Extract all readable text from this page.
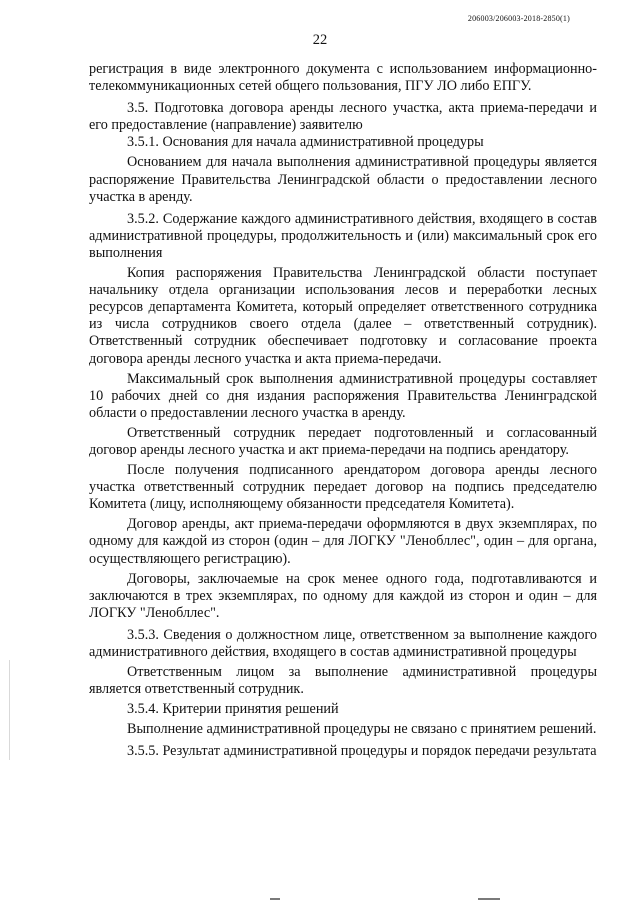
206003/206003-2018-2850(1)
22

регистрация в виде электронного документа с использованием информационно-телекоммуникационных сетей общего пользования, ПГУ ЛО либо ЕПГУ.

3.5. Подготовка договора аренды лесного участка, акта приема-передачи и его предоставление (направление) заявителю

3.5.1. Основания для начала административной процедуры

Основанием для начала выполнения административной процедуры является распоряжение Правительства Ленинградской области о предоставлении лесного участка в аренду.

3.5.2. Содержание каждого административного действия, входящего в состав административной процедуры, продолжительность и (или) максимальный срок его выполнения

Копия распоряжения Правительства Ленинградской области поступает начальнику отдела организации использования лесов и переработки лесных ресурсов департамента Комитета, который определяет ответственного сотрудника из числа сотрудников своего отдела (далее – ответственный сотрудник). Ответственный сотрудник обеспечивает подготовку и согласование проекта договора аренды лесного участка и акта приема-передачи.

Максимальный срок выполнения административной процедуры составляет 10 рабочих дней со дня издания распоряжения Правительства Ленинградской области о предоставлении лесного участка в аренду.

Ответственный сотрудник передает подготовленный и согласованный договор аренды лесного участка и акт приема-передачи на подпись арендатору.

После получения подписанного арендатором договора аренды лесного участка ответственный сотрудник передает договор на подпись председателю Комитета (лицу, исполняющему обязанности председателя Комитета).

Договор аренды, акт приема-передачи оформляются в двух экземплярах, по одному для каждой из сторон (один – для ЛОГКУ "Ленобллес", один – для органа, осуществляющего регистрацию).

Договоры, заключаемые на срок менее одного года, подготавливаются и заключаются в трех экземплярах, по одному для каждой из сторон и один – для ЛОГКУ "Ленобллес".

3.5.3. Сведения о должностном лице, ответственном за выполнение каждого административного действия, входящего в состав административной процедуры

Ответственным лицом за выполнение административной процедуры является ответственный сотрудник.

3.5.4. Критерии принятия решений

Выполнение административной процедуры не связано с принятием решений.

3.5.5. Результат административной процедуры и порядок передачи результата
